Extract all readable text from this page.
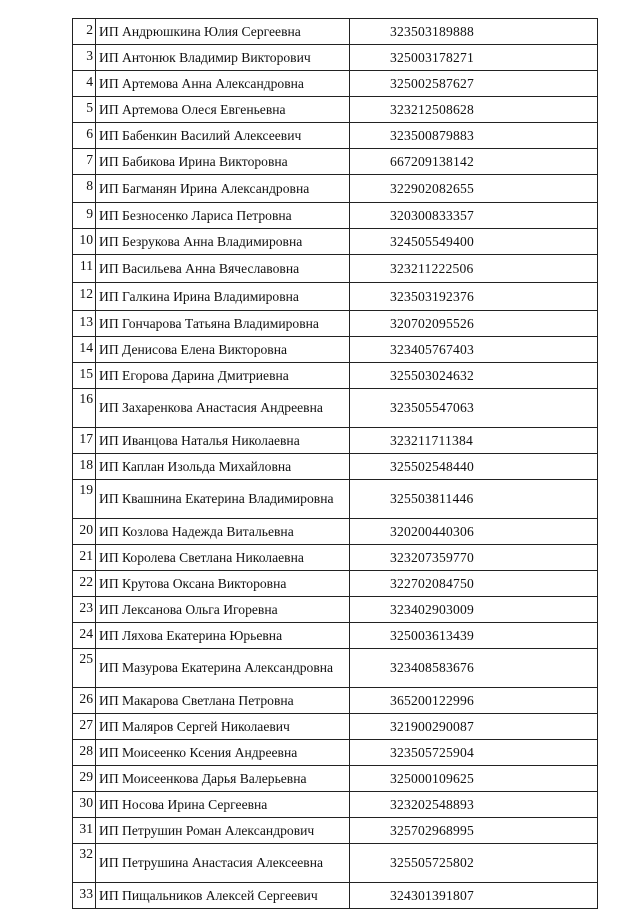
2	ИП Андрюшкина Юлия Сергеевна	323503189888
3	ИП Антонюк Владимир Викторович	325003178271
4	ИП Артемова Анна Александровна	325002587627
5	ИП Артемова Олеся Евгеньевна	323212508628
6	ИП Бабенкин Василий Алексеевич	323500879883
7	ИП Бабикова Ирина Викторовна	667209138142
8	ИП Багманян Ирина Александровна	322902082655
9	ИП Безносенко Лариса Петровна	320300833357
10	ИП Безрукова Анна Владимировна	324505549400
11	ИП Васильева Анна Вячеславовна	323211222506
12	ИП Галкина Ирина Владимировна	323503192376
13	ИП Гончарова Татьяна Владимировна	320702095526
14	ИП Денисова Елена Викторовна	323405767403
15	ИП Егорова Дарина Дмитриевна	325503024632
16	ИП Захаренкова Анастасия Андреевна	323505547063
17	ИП Иванцова Наталья Николаевна	323211711384
18	ИП Каплан Изольда Михайловна	325502548440
19	ИП Квашнина Екатерина Владимировна	325503811446
20	ИП Козлова Надежда Витальевна	320200440306
21	ИП Королева Светлана Николаевна	323207359770
22	ИП Крутова Оксана Викторовна	322702084750
23	ИП Лексанова Ольга Игоревна	323402903009
24	ИП Ляхова Екатерина Юрьевна	325003613439
25	ИП Мазурова Екатерина Александровна	323408583676
26	ИП Макарова Светлана Петровна	365200122996
27	ИП Маляров Сергей Николаевич	321900290087
28	ИП Моисеенко Ксения Андреевна	323505725904
29	ИП Моисеенкова Дарья Валерьевна	325000109625
30	ИП Носова Ирина Сергеевна	323202548893
31	ИП Петрушин Роман Александрович	325702968995
32	ИП Петрушина Анастасия Алексеевна	325505725802
33	ИП Пищальников Алексей Сергеевич	324301391807
